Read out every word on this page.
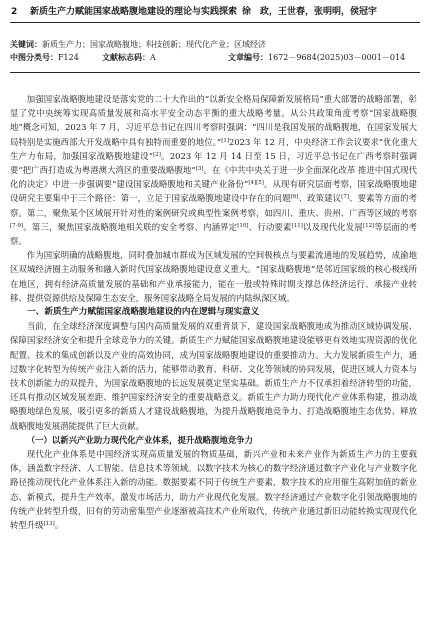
2 新质生产力赋能国家战略腹地建设的理论与实践探索 徐　政，王世春，张明明，侯冠宇
关键词：新质生产力；国家战略腹地；科技创新；现代化产业；区域经济
中图分类号：F124	文献标志码：A	文章编号：1672－9684(2025)03－0001－014

加强国家战略腹地建设是落实党的二十大作出的“以新安全格局保障新发展格局”重大部署的战略部署，彰显了党中央统筹实现高质量发展和高水平安全动态平衡的重大战略考量。从公共政策角度考察“国家战略腹地”概念可知，2023 年 7 月，习近平总书记在四川考察时强调：“四川是我国发展的战略腹地，在国家发展大局特别是实施西部大开发战略中具有独特而重要的地位。”[1]2023 年 12 月，中央经济工作会议要求“优化重大生产力布局，加强国家战略腹地建设”[2]。2023 年 12 月 14 日至 15 日，习近平总书记在广西考察时强调要“把广西打造成为粤港澳大湾区的重要战略腹地”[3]。在《中共中央关于进一步全面深化改革 推进中国式现代化的决定》中进一步强调要“建设国家战略腹地和关键产业备份”[4][5]。从现有研究层面考察，国家战略腹地建设研究主要集中于三个路径：第一，立足于国家战略腹地建设中存在的问题[6]、政策建议[7]、要素等方面的考察。第二，聚焦某个区域展开针对性的案例研究或典型性案例考察，如四川、重庆、贵州、广西等区域的考察[7-9]。第三，聚焦国家战略腹地相关联的安全考察、内涵界定[10]、行动要素[11]以及现代化发展[12]等层面的考察。

作为国家明确的战略腹地，同时叠加城市群成为区域发展的空间极核点与要素流通地的发展趋势，成渝地区双城经济圈主动服务和融入新时代国家战略腹地建设意义重大。“国家战略腹地”是邻近国家级的核心极线所在地区，拥有经济高质量发展的基础和产业承接能力，能在一般或特殊时期支撑总体经济运行、承接产业转移、提供资源供给及保障生态安全，服务国家战略全局发展的内陆纵深区域。

一、新质生产力赋能国家战略腹地建设的内在逻辑与现实意义

当前，在全球经济深度调整与国内高质量发展的双重背景下，建设国家战略腹地成为推动区域协调发展、保障国家经济安全和提升全球竞争力的关键。新质生产力赋能国家战略腹地建设能够更有效地实现资源的优化配置、技术的集成创新以及产业的高效协同，成为国家战略腹地建设的重要推动力。大力发展新质生产力，通过数字化转型为传统产业注入新的活力，能够带动教育、科研、文化等领域的协同发展，促进区域人力资本与技术创新能力的双提升，为国家战略腹地的长远发展奠定坚实基础。新质生产力不仅承担着经济转型的功能，还具有推动区域发展差距、维护国家经济安全的重要战略意义。新质生产力助力现代化产业体系构建，推动战略腹地绿色发展，吸引更多的新质人才建设战略腹地，为提升战略腹地竞争力、打造战略腹地生态优势、释放战略腹地发展潜能提供了巨大贡献。

（一）以新兴产业助力现代化产业体系，提升战略腹地竞争力

现代化产业体系是中国经济实现高质量发展的物质基础，新兴产业和未来产业作为新质生产力的主要载体，涵盖数字经济、人工智能、信息技术等领域。以数字技术为核心的数字经济通过数字产业化与产业数字化路径推动现代化产业体系注入新的动能。数据要素不同于传统生产要素，数字技术的应用催生高附加值的新业态、新模式，提升生产效率，激发市场活力，助力产业现代化发展。数字经济通过产业数字化引领战略腹地的传统产业转型升级，旧有的劳动密集型产业逐渐被高技术产业所取代，传统产业通过新旧动能转换实现现代化转型升级[13]。
